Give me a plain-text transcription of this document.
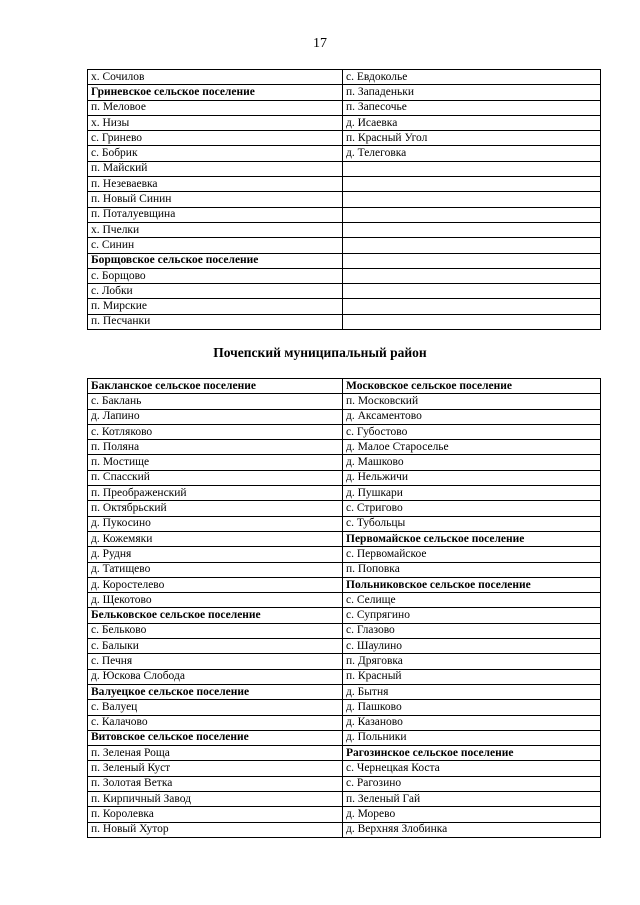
17
х. Сочилов	с. Евдоколье
Гриневское сельское поселение	п. Западеньки
п. Меловое	п. Запесочье
х. Низы	д. Исаевка
с. Гринево	п. Красный Угол
с. Бобрик	д. Телеговка
п. Майский	
п. Незеваевка	
п. Новый Синин	
п. Поталуевщина	
х. Пчелки	
с. Синин	
Борщовское сельское поселение	
с. Борщово	
с. Лобки	
п. Мирские	
п. Песчанки	
Почепский муниципальный район
Бакланское сельское поселение	Московское сельское поселение
с. Баклань	п. Московский
д. Лапино	д. Аксаментово
с. Котляково	с. Губостово
п. Поляна	д. Малое Староселье
п. Мостище	д. Машково
п. Спасский	д. Нельжичи
п. Преображенский	д. Пушкари
п. Октябрьский	с. Стригово
д. Пукосино	с. Тубольцы
д. Кожемяки	Первомайское сельское поселение
д. Рудня	с. Первомайское
д. Татищево	п. Поповка
д. Коростелево	Польниковское сельское поселение
д. Щекотово	с. Селище
Бельковское сельское поселение	с. Супрягино
с. Бельково	с. Глазово
с. Балыки	с. Шаулино
с. Печня	п. Дряговка
д. Юскова Слобода	п. Красный
Валуецкое сельское поселение	д. Бытня
с. Валуец	д. Пашково
с. Калачово	д. Казаново
Витовское сельское поселение	д. Польники
п. Зеленая Роща	Рагозинское сельское поселение
п. Зеленый Куст	с. Чернецкая Коста
п. Золотая Ветка	с. Рагозино
п. Кирпичный Завод	п. Зеленый Гай
п. Королевка	д. Морево
п. Новый Хутор	д. Верхняя Злобинка
